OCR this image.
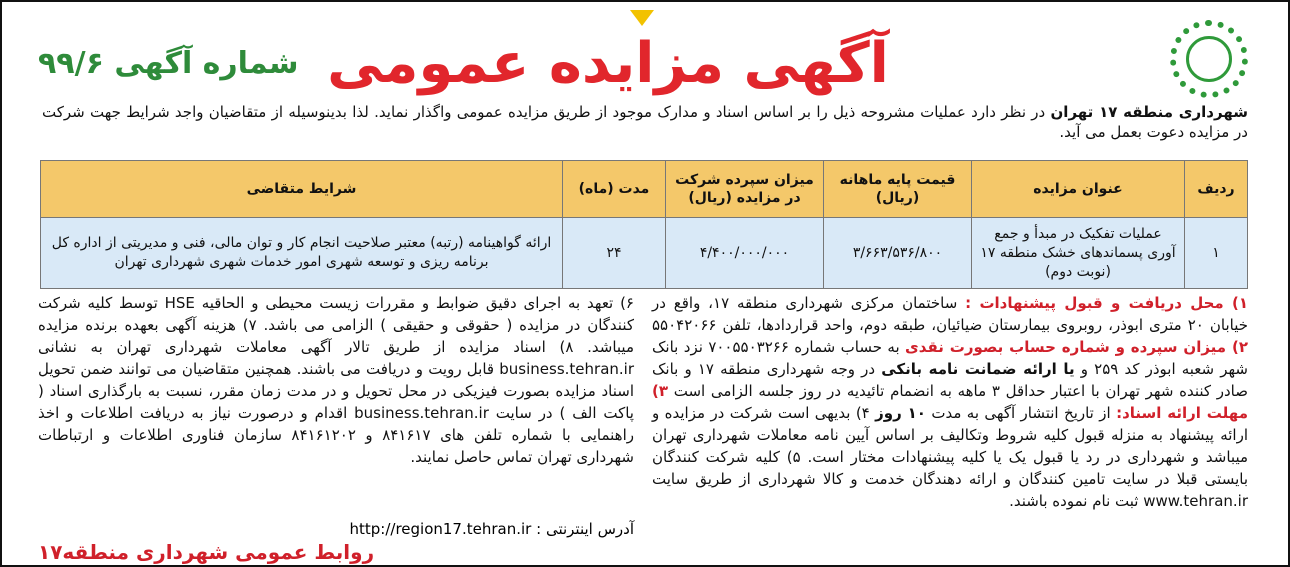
آگهی مزایده عمومی
شماره آگهی ۹۹/۶
شهرداری منطقه ۱۷ تهران در نظر دارد عملیات مشروحه ذیل را بر اساس اسناد و مدارک موجود از طریق مزایده عمومی واگذار نماید. لذا بدینوسیله از متقاضیان واجد شرایط جهت شرکت در مزایده دعوت بعمل می آید.
ردیف	عنوان مزایده	قیمت پایه ماهانه (ریال)	میزان سپرده شرکت در مزایده (ریال)	مدت (ماه)	شرایط متقاضی
۱	عملیات تفکیک در مبدأ و جمع آوری پسماندهای خشک منطقه ۱۷ (نوبت دوم)	۳/۶۶۳/۵۳۶/۸۰۰	۴/۴۰۰/۰۰۰/۰۰۰	۲۴	ارائه گواهینامه (رتبه) معتبر صلاحیت انجام کار و توان مالی، فنی و مدیریتی از اداره کل برنامه ریزی و توسعه شهری امور خدمات شهری شهرداری تهران
۱) محل دریافت و قبول پیشنهادات : ساختمان مرکزی شهرداری منطقه ۱۷، واقع در خیابان ۲۰ متری ابوذر، روبروی بیمارستان ضیائیان، طبقه دوم، واحد قراردادها، تلفن ۵۵۰۴۲۰۶۶ ۲) میزان سپرده و شماره حساب بصورت نقدی به حساب شماره ۷۰۰۵۵۰۳۲۶۶ نزد بانک شهر شعبه ابوذر کد ۲۵۹ و یا ارائه ضمانت نامه بانکی در وجه شهرداری منطقه ۱۷ و بانک صادر کننده شهر تهران با اعتبار حداقل ۳ ماهه به انضمام تائیدیه در روز جلسه الزامی است ۳) مهلت ارائه اسناد: از تاریخ انتشار آگهی به مدت ۱۰ روز ۴) بدیهی است شرکت در مزایده و ارائه پیشنهاد به منزله قبول کلیه شروط وتکالیف بر اساس آیین نامه معاملات شهرداری تهران میباشد و شهرداری در رد یا قبول یک یا کلیه پیشنهادات مختار است. ۵) کلیه شرکت کنندگان بایستی قبلا در سایت تامین کنندگان و ارائه دهندگان خدمت و کالا شهرداری از طریق سایت www.tehran.ir ثبت نام نموده باشند.
۶) تعهد به اجرای دقیق ضوابط و مقررات زیست محیطی و الحاقیه HSE توسط کلیه شرکت کنندگان در مزایده ( حقوقی و حقیقی ) الزامی می باشد. ۷) هزینه آگهی بعهده برنده مزایده میباشد. ۸) اسناد مزایده از طریق تالار آگهی معاملات شهرداری تهران به نشانی business.tehran.ir قابل رویت و دریافت می باشند. همچنین متقاضیان می توانند ضمن تحویل اسناد مزایده بصورت فیزیکی در محل تحویل و در مدت زمان مقرر، نسبت به بارگذاری اسناد ( پاکت الف ) در سایت business.tehran.ir اقدام و درصورت نیاز به دریافت اطلاعات و اخذ راهنمایی با شماره تلفن های ۸۴۱۶۱۷ و ۸۴۱۶۱۲۰۲ سازمان فناوری اطلاعات و ارتباطات شهرداری تهران تماس حاصل نمایند.
آدرس اینترنتی : http://region17.tehran.ir
روابط عمومی شهرداری منطقه۱۷
